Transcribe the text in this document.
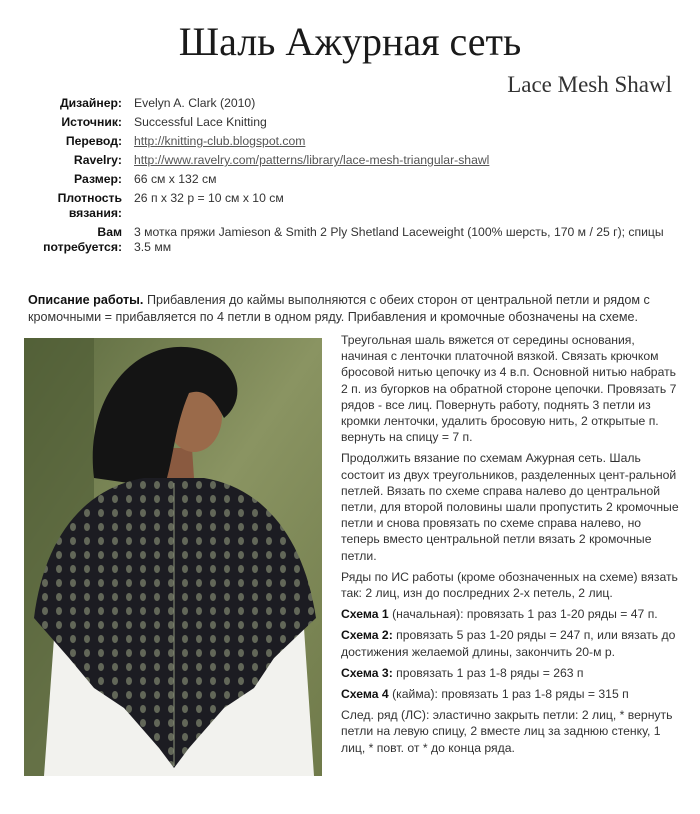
Шаль Ажурная сеть
Lace Mesh Shawl
Дизайнер: Evelyn A. Clark (2010)
Источник: Successful Lace Knitting
Перевод: http://knitting-club.blogspot.com
Ravelry: http://www.ravelry.com/patterns/library/lace-mesh-triangular-shawl
Размер: 66 см х 132 см
Плотность вязания:
26 п х 32 р = 10 см х 10 см
Вам потребуется:
3 мотка пряжи Jamieson & Smith 2 Ply Shetland Laceweight (100% шерсть, 170 м / 25 г); спицы 3.5 мм
Описание работы. Прибавления до каймы выполняются с обеих сторон от центральной петли и рядом с кромочными = прибавляется по 4 петли в одном ряду. Прибавления и кромочные обозначены на схеме.

Треугольная шаль вяжется от середины основания, начиная с ленточки платочной вязкой. Связать крючком бросовой нитью цепочку из 4 в.п. Основной нитью набрать 2 п. из бугорков на обратной стороне цепочки. Провязать 7 рядов - все лиц. Повернуть работу, поднять 3 петли из кромки ленточки, удалить бросовую нить, 2 открытые п. вернуть на спицу = 7 п.

Продолжить вязание по схемам Ажурная сеть. Шаль состоит из двух треугольников, разделенных цент-ральной петлей. Вязать по схеме справа налево до центральной петли, для второй половины шали пропустить 2 кромочные петли и снова провязать по схеме справа налево, но теперь вместо центральной петли вязать 2 кромочные петли.

Ряды по ИС работы (кроме обозначенных на схеме) вязать так: 2 лиц, изн до послредних 2-х петель, 2 лиц.

Схема 1 (начальная): провязать 1 раз 1-20 ряды = 47 п.

Схема 2: провязать 5 раз 1-20 ряды = 247 п, или вязать до достижения желаемой длины, закончить 20-м р.

Схема 3: провязать 1 раз 1-8 ряды = 263 п

Схема 4 (кайма): провязать 1 раз 1-8 ряды = 315 п

След. ряд (ЛС): эластично закрыть петли: 2 лиц, * вернуть петли на левую спицу, 2 вместе лиц за заднюю стенку, 1 лиц, * повт. от * до конца ряда.
